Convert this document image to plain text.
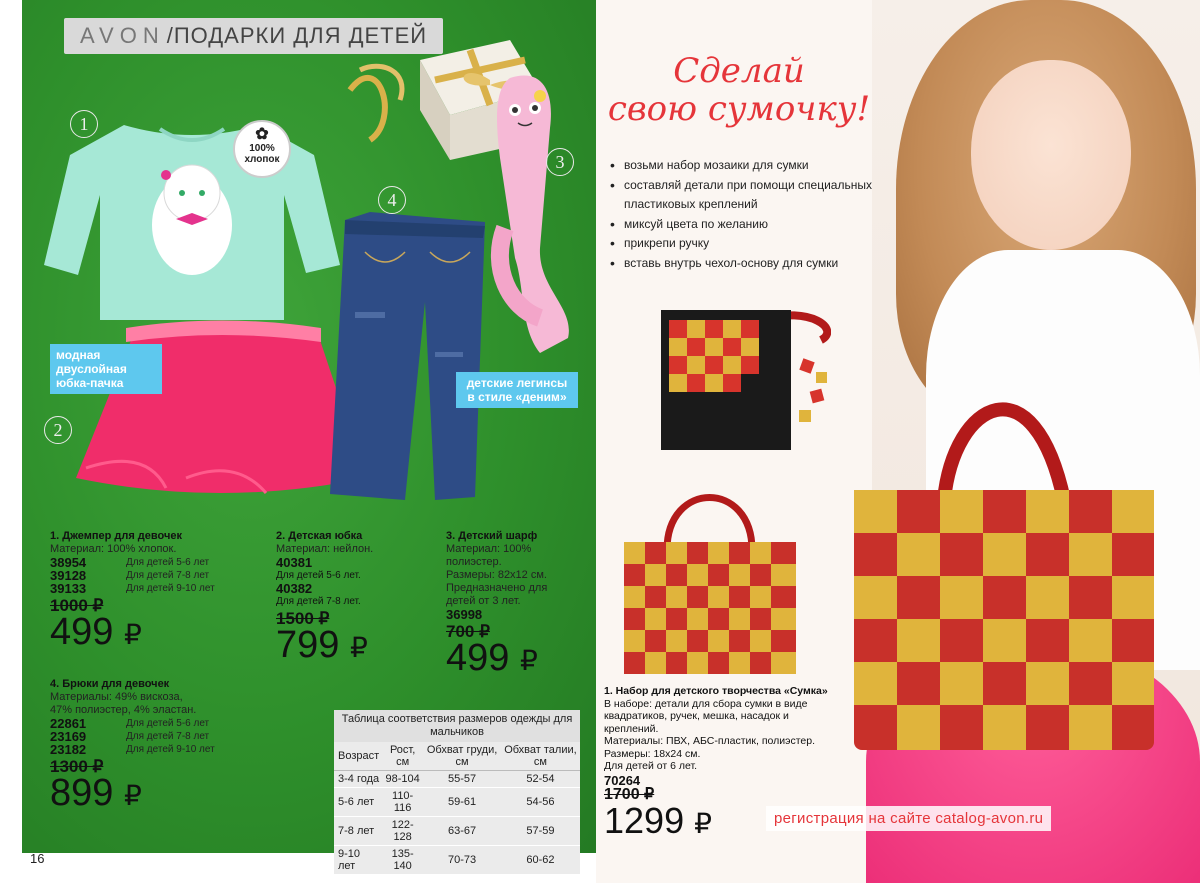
AVON /ПОДАРКИ ДЛЯ ДЕТЕЙ
✿
100%
хлопок
модная двуслойная юбка-пачка	детские легинсы в стиле «деним»
1
2
3
4
1. Джемпер для девочек
Материал: 100% хлопок.
38954	Для детей 5-6 лет
39128	Для детей 7-8 лет
39133	Для детей 9-10 лет
1000 ₽
499 ₽
2. Детская юбка
Материал: нейлон.
40381
Для детей 5-6 лет.
40382
Для детей 7-8 лет.
1500 ₽
799 ₽
3. Детский шарф
Материал: 100% полиэстер.
Размеры: 82х12 см.
Предназначено для детей от 3 лет.
36998
700 ₽
499 ₽
4. Брюки для девочек
Материалы: 49% вискоза, 47% полиэстер, 4% эластан.
22861	Для детей 5-6 лет
23169	Для детей 7-8 лет
23182	Для детей 9-10 лет
1300 ₽
899 ₽
Таблица соответствия размеров одежды для мальчиков
Возраст	Рост, см	Обхват груди, см	Обхват талии, см
3-4 года	98-104	55-57	52-54
5-6 лет	110-116	59-61	54-56
7-8 лет	122-128	63-67	57-59
9-10 лет	135-140	70-73	60-62
16
Сделай
свою сумочку!
• возьми набор мозаики для сумки
• составляй детали при помощи специальных пластиковых креплений
• миксуй цвета по желанию
• прикрепи ручку
• вставь внутрь чехол-основу для сумки
1. Набор для детского творчества «Сумка»
В наборе: детали для сбора сумки в виде квадратиков, ручек, мешка, насадок и креплений.
Материалы: ПВХ, АБС-пластик, полиэстер.
Размеры: 18х24 см.
Для детей от 6 лет.
70264
1700 ₽
1299 ₽	регистрация на сайте catalog-avon.ru
